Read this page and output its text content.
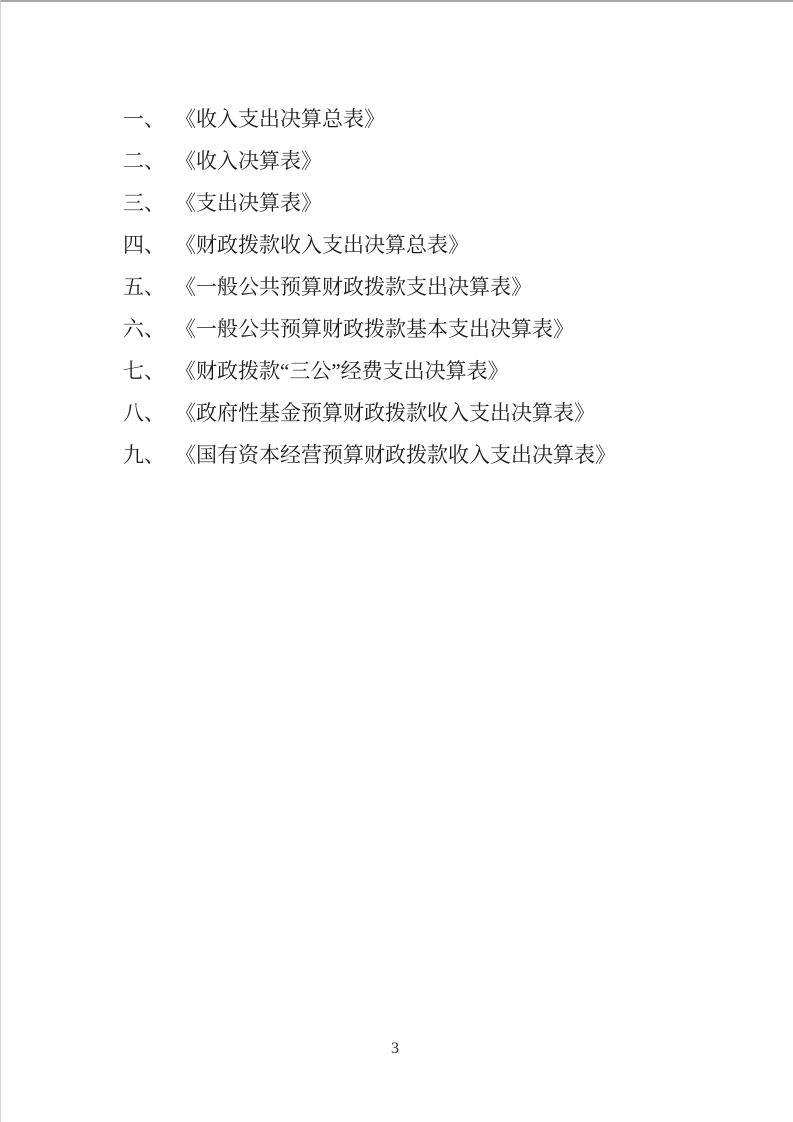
一、 《收入支出决算总表》
二、 《收入决算表》
三、 《支出决算表》
四、 《财政拨款收入支出决算总表》
五、 《一般公共预算财政拨款支出决算表》
六、 《一般公共预算财政拨款基本支出决算表》
七、 《财政拨款“三公”经费支出决算表》
八、 《政府性基金预算财政拨款收入支出决算表》
九、 《国有资本经营预算财政拨款收入支出决算表》
3
